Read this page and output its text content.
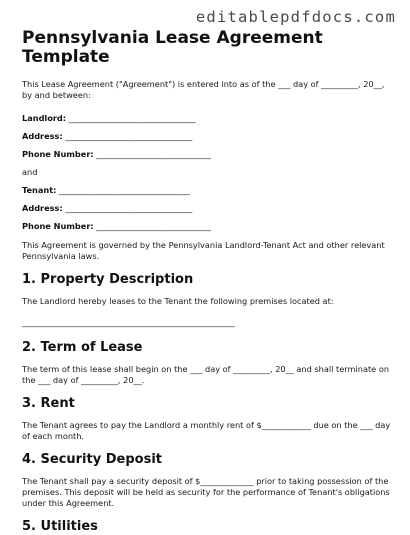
editablepdfdocs.com

Pennsylvania Lease Agreement Template

This Lease Agreement ("Agreement") is entered into as of the ___ day of _________, 20__, by and between:

Landlord: _______________________________

Address: _______________________________

Phone Number: ____________________________

and

Tenant: ________________________________

Address: _______________________________

Phone Number: ____________________________

This Agreement is governed by the Pennsylvania Landlord-Tenant Act and other relevant Pennsylvania laws.

1. Property Description

The Landlord hereby leases to the Tenant the following premises located at:

____________________________________________________

2. Term of Lease

The term of this lease shall begin on the ___ day of _________, 20__ and shall terminate on the ___ day of _________, 20__.

3. Rent

The Tenant agrees to pay the Landlord a monthly rent of $____________ due on the ___ day of each month.

4. Security Deposit

The Tenant shall pay a security deposit of $_____________ prior to taking possession of the premises. This deposit will be held as security for the performance of Tenant's obligations under this Agreement.

5. Utilities
